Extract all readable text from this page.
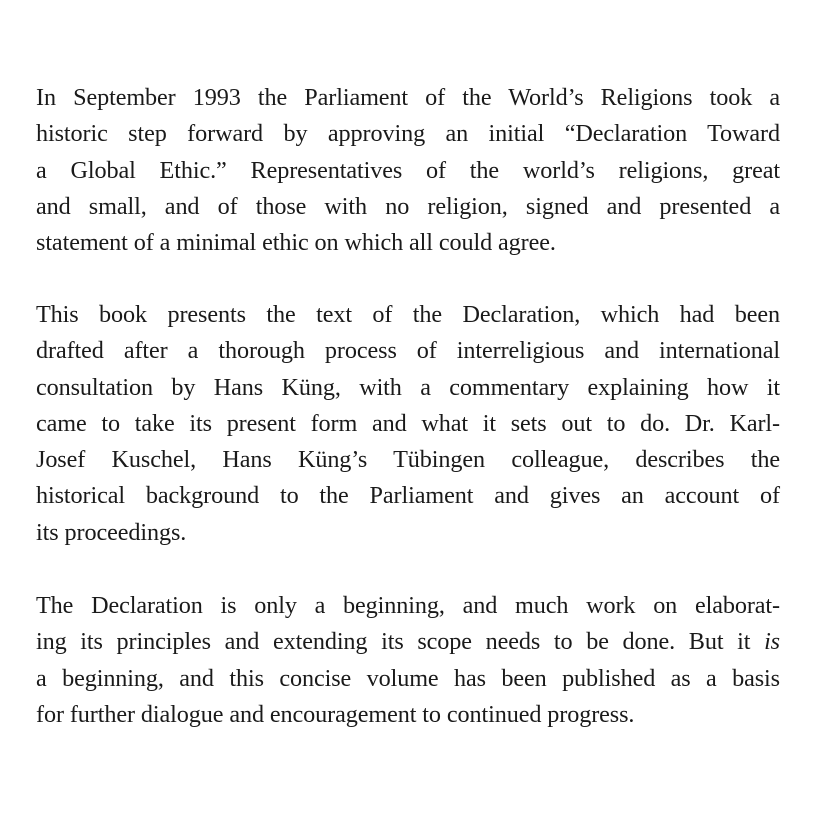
In September 1993 the Parliament of the World’s Religions took a
historic step forward by approving an initial “Declaration Toward
a Global Ethic.” Representatives of the world’s religions, great
and small, and of those with no religion, signed and presented a
statement of a minimal ethic on which all could agree.
This book presents the text of the Declaration, which had been
drafted after a thorough process of interreligious and international
consultation by Hans Küng, with a commentary explaining how it
came to take its present form and what it sets out to do. Dr. Karl-
Josef Kuschel, Hans Küng’s Tübingen colleague, describes the
historical background to the Parliament and gives an account of
its proceedings.
The Declaration is only a beginning, and much work on elaborat-
ing its principles and extending its scope needs to be done. But it is
a beginning, and this concise volume has been published as a basis
for further dialogue and encouragement to continued progress.
